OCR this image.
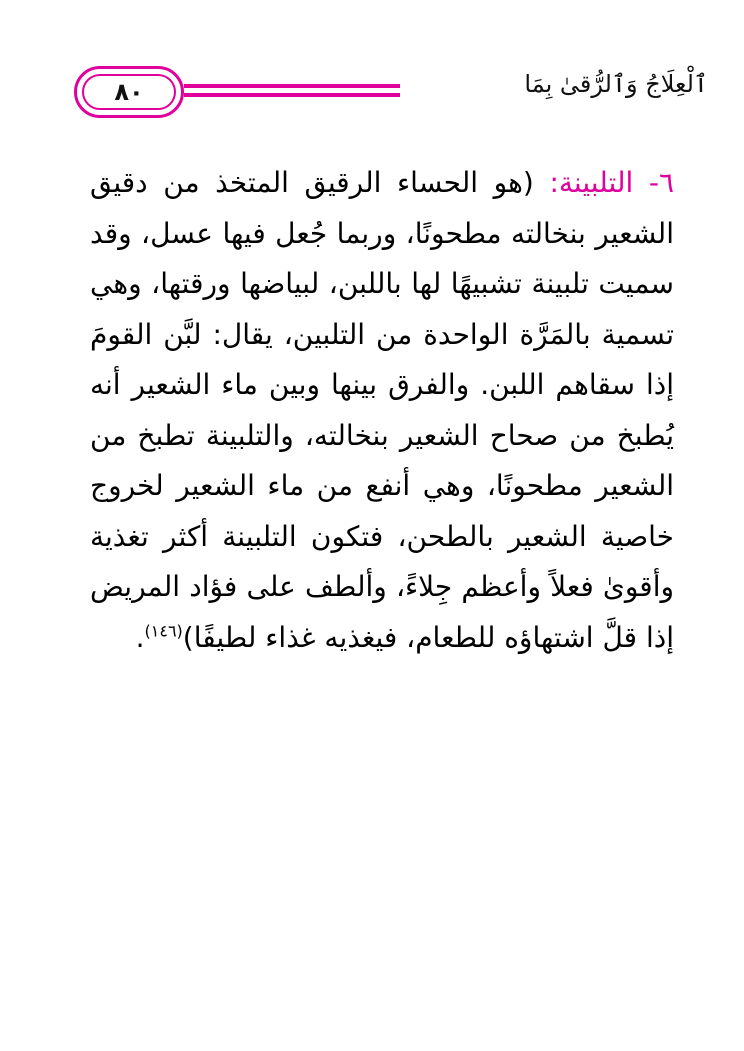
٨٠	ٱلْعِلَاجُ وَٱلرُّقىٰ بِمَا
٦- التلبينة: (هو الحساء الرقيق المتخذ من دقيق الشعير بنخالته مطحونًا، وربما جُعل فيها عسل، وقد سميت تلبينة تشبيهًا لها باللبن، لبياضها ورقتها، وهي تسمية بالمَرَّة الواحدة من التلبين، يقال: لبَّن القومَ إذا سقاهم اللبن. والفرق بينها وبين ماء الشعير أنه يُطبخ من صحاح الشعير بنخالته، والتلبينة تطبخ من الشعير مطحونًا، وهي أنفع من ماء الشعير لخروج خاصية الشعير بالطحن، فتكون التلبينة أكثر تغذية وأقوىٰ فعلاً وأعظم جِلاءً، وألطف على فؤاد المريض إذا قلَّ اشتهاؤه للطعام، فيغذيه غذاء لطيفًا)$^{(١٤٦)}$.
